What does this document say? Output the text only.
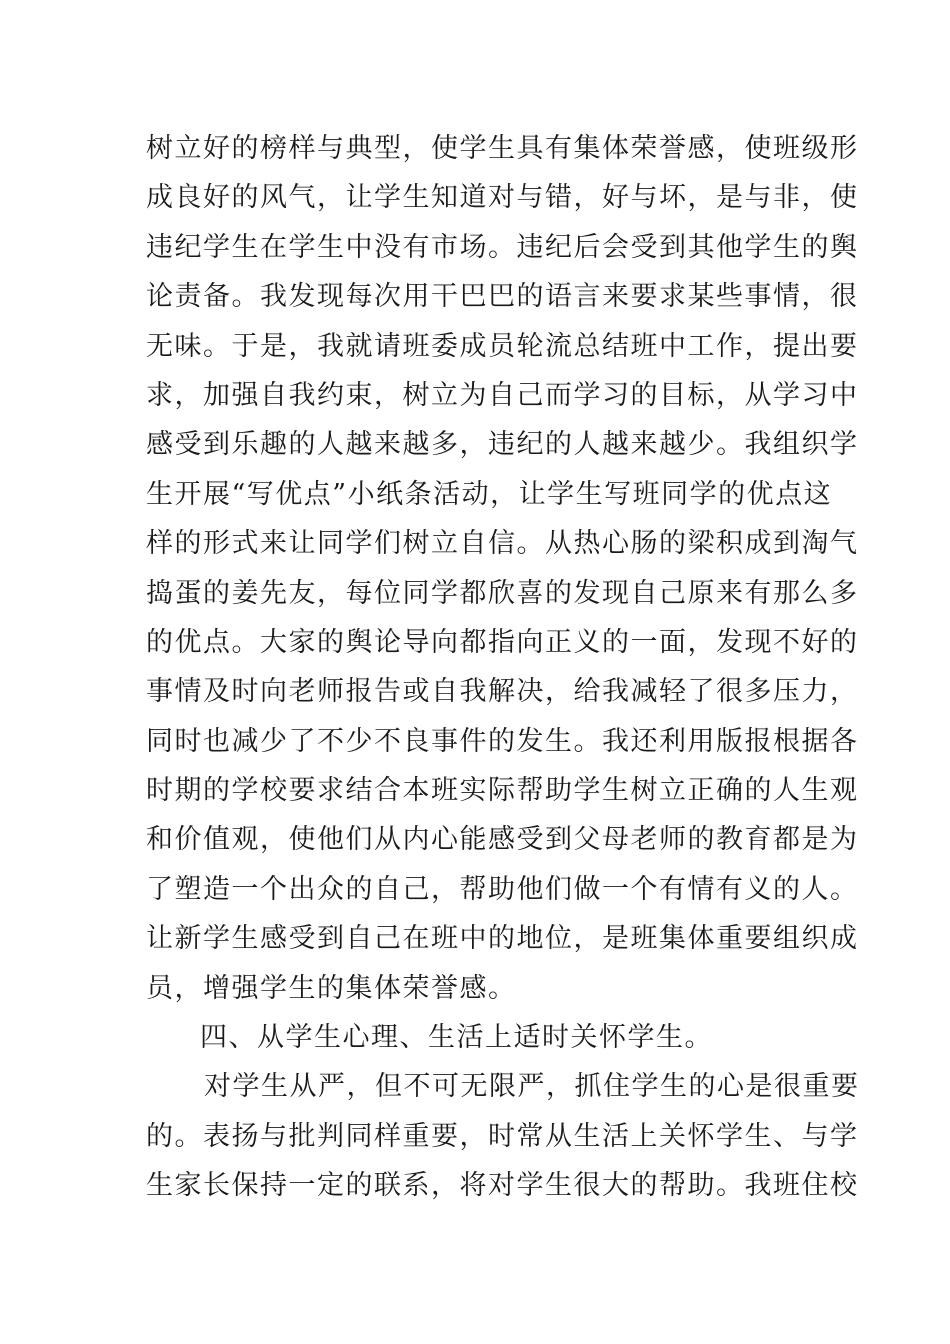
树立好的榜样与典型，使学生具有集体荣誉感，使班级形
成良好的风气，让学生知道对与错，好与坏，是与非，使
违纪学生在学生中没有市场。违纪后会受到其他学生的舆
论责备。我发现每次用干巴巴的语言来要求某些事情，很
无味。于是，我就请班委成员轮流总结班中工作，提出要
求，加强自我约束，树立为自己而学习的目标，从学习中
感受到乐趣的人越来越多，违纪的人越来越少。我组织学
生开展“写优点”小纸条活动，让学生写班同学的优点这
样的形式来让同学们树立自信。从热心肠的梁积成到淘气
捣蛋的姜先友，每位同学都欣喜的发现自己原来有那么多
的优点。大家的舆论导向都指向正义的一面，发现不好的
事情及时向老师报告或自我解决，给我减轻了很多压力，
同时也减少了不少不良事件的发生。我还利用版报根据各
时期的学校要求结合本班实际帮助学生树立正确的人生观
和价值观，使他们从内心能感受到父母老师的教育都是为
了塑造一个出众的自己，帮助他们做一个有情有义的人。
让新学生感受到自己在班中的地位，是班集体重要组织成
员，增强学生的集体荣誉感。
四、从学生心理、生活上适时关怀学生。
对学生从严，但不可无限严，抓住学生的心是很重要
的。表扬与批判同样重要，时常从生活上关怀学生、与学
生家长保持一定的联系，将对学生很大的帮助。我班住校
